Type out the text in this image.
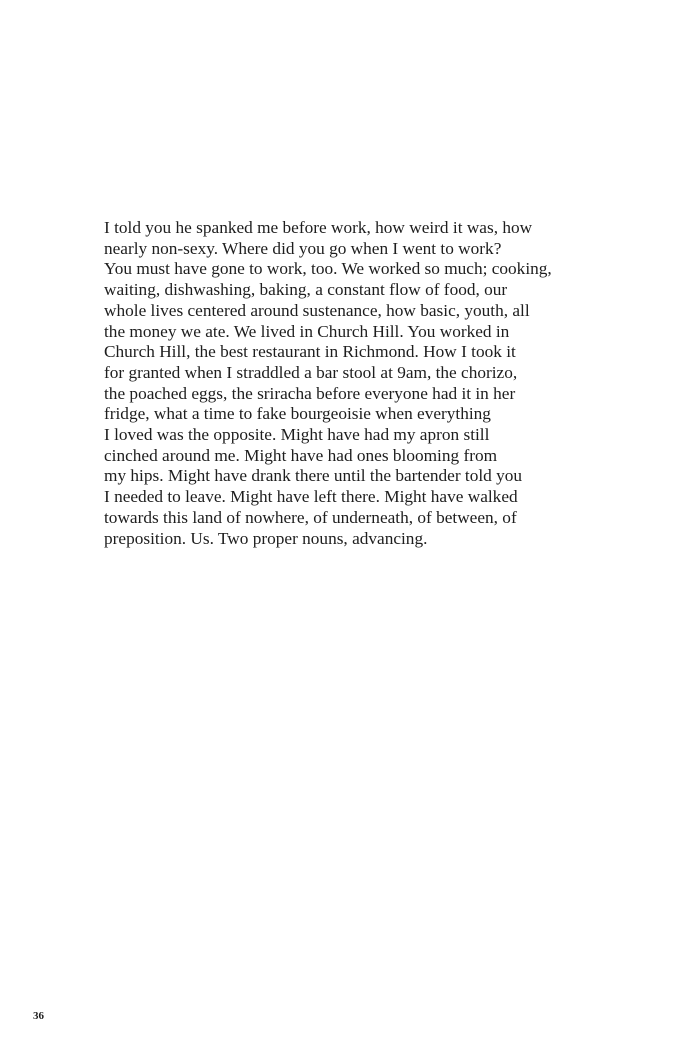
I told you he spanked me before work, how weird it was, how
nearly non-sexy. Where did you go when I went to work?
You must have gone to work, too. We worked so much; cooking,
waiting, dishwashing, baking, a constant flow of food, our
whole lives centered around sustenance, how basic, youth, all
the money we ate. We lived in Church Hill. You worked in
Church Hill, the best restaurant in Richmond. How I took it
for granted when I straddled a bar stool at 9am, the chorizo,
the poached eggs, the sriracha before everyone had it in her
fridge, what a time to fake bourgeoisie when everything
I loved was the opposite. Might have had my apron still
cinched around me. Might have had ones blooming from
my hips. Might have drank there until the bartender told you
I needed to leave. Might have left there. Might have walked
towards this land of nowhere, of underneath, of between, of
preposition. Us. Two proper nouns, advancing.
36
